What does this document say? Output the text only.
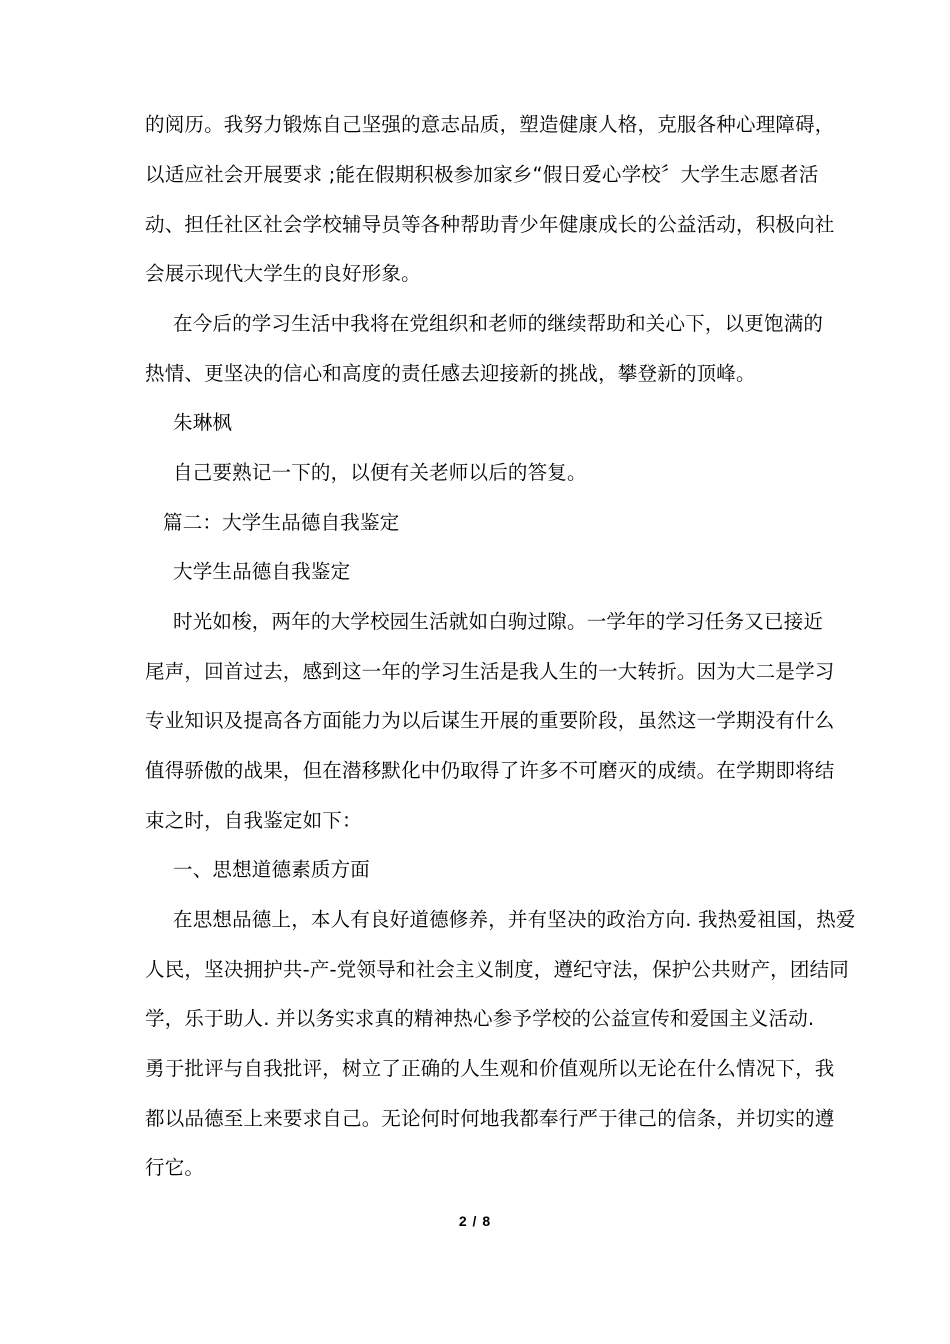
的阅历。我努力锻炼自己坚强的意志品质，塑造健康人格，克服各种心理障碍，
以适应社会开展要求 ;能在假期积极参加家乡“假日爱心学校〞大学生志愿者活
动、担任社区社会学校辅导员等各种帮助青少年健康成长的公益活动，积极向社
会展示现代大学生的良好形象。
在今后的学习生活中我将在党组织和老师的继续帮助和关心下，以更饱满的
热情、更坚决的信心和高度的责任感去迎接新的挑战，攀登新的顶峰。
朱琳枫
自己要熟记一下的，以便有关老师以后的答复。
篇二：大学生品德自我鉴定
大学生品德自我鉴定
时光如梭，两年的大学校园生活就如白驹过隙。一学年的学习任务又已接近
尾声，回首过去，感到这一年的学习生活是我人生的一大转折。因为大二是学习
专业知识及提高各方面能力为以后谋生开展的重要阶段，虽然这一学期没有什么
值得骄傲的战果，但在潜移默化中仍取得了许多不可磨灭的成绩。在学期即将结
束之时，自我鉴定如下：
一、思想道德素质方面
在思想品德上，本人有良好道德修养，并有坚决的政治方向. 我热爱祖国，热爱
人民，坚决拥护共-产-党领导和社会主义制度，遵纪守法，保护公共财产，团结同
学，乐于助人. 并以务实求真的精神热心参予学校的公益宣传和爱国主义活动.
勇于批评与自我批评，树立了正确的人生观和价值观所以无论在什么情况下，我
都以品德至上来要求自己。无论何时何地我都奉行严于律己的信条，并切实的遵
行它。
2 / 8
